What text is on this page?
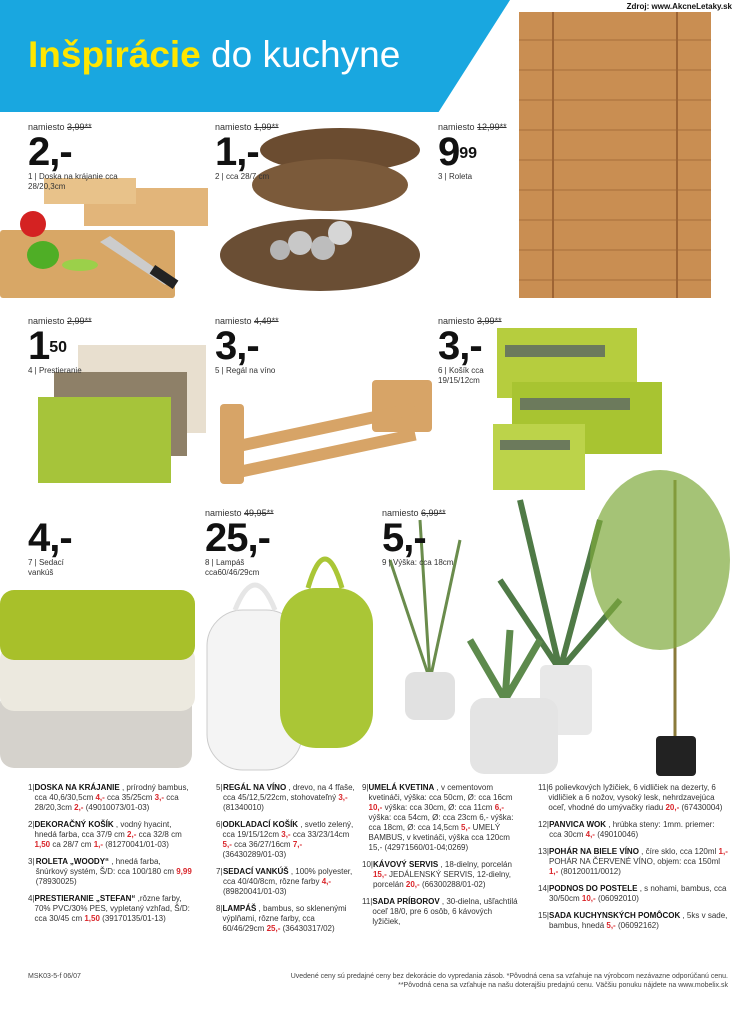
Zdroj: www.AkcneLetaky.sk
Inšpirácie do kuchyne
namiesto 3,99**
2,-
1 | Doska na krájanie cca 28/20,3cm
namiesto 1,99**
1,-
2 | cca 28/7 cm
namiesto 12,99**
$9^{99}$
3 | Roleta
namiesto 2,99**
$1^{50}$
4 | Prestieranie
namiesto 4,49**
3,-
5 | Regál na víno
namiesto 3,99**
3,-
6 | Košík cca 19/15/12cm
4,-
7 | Sedací vankúš
namiesto 49,95**
25,-
8 | Lampáš cca60/46/29cm
namiesto 6,99**
5,-
9 | Výška: cca 18cm
1| DOSKA NA KRÁJANIE , prírodný bambus, cca 40,6/30,5cm 4,- cca 35/25cm 3,- cca 28/20,3cm 2,- (49010073/01-03)
2| DEKORAČNÝ KOŠÍK , vodný hyacint, hnedá farba, cca 37/9 cm 2,- cca 32/8 cm 1,50 ca 28/7 cm 1,- (81270041/01-03)
3| ROLETA „WOODY“ , hnedá farba, šnúrkový systém, Š/D: cca 100/180 cm 9,99 (78930025)
4| PRESTIERANIE „STEFAN“ ,rôzne farby, 70% PVC/30% PES, vypletaný vzhľad, Š/D: cca 30/45 cm 1,50 (39170135/01-13)
5| REGÁL NA VÍNO , drevo, na 4 fľaše, cca 45/12,5/22cm, stohovateľný 3,- (81340010)
6| ODKLADACÍ KOŠÍK , svetlo zelený, cca 19/15/12cm 3,- cca 33/23/14cm 5,- cca 36/27/16cm 7,- (36430289/01-03)
7| SEDACÍ VANKÚŠ , 100% polyester, cca 40/40/8cm, rôzne farby 4,- (89820041/01-03)
8| LAMPÁŠ , bambus, so sklenenými výplňami, rôzne farby, cca 60/46/29cm 25,- (36430317/02)
9| UMELÁ KVETINA , v cementovom kvetináči, výška: cca 50cm, Ø: cca 16cm 10,- výška: cca 30cm, Ø: cca 11cm 6,- výška: cca 54cm, Ø: cca 23cm 6,- výška: cca 18cm, Ø: cca 14,5cm 5,- UMELÝ BAMBUS, v kvetináči, výška cca 120cm 15,- (42971560/01-04;0269)
10| KÁVOVÝ SERVIS , 18-dielny, porcelán 15,- JEDÁLENSKÝ SERVIS, 12-dielny, porcelán 20,- (66300288/01-02)
11| SADA PRÍBOROV , 30-dielna, ušľachtilá oceľ 18/0, pre 6 osôb, 6 kávových lyžičiek,
11| 6 polievkových lyžičiek, 6 vidličiek na dezerty, 6 vidličiek a 6 nožov, vysoký lesk, nehrdzavejúca oceľ, vhodné do umývačky riadu 20,- (67430004)
12| PANVICA WOK , hrúbka steny: 1mm. priemer: cca 30cm 4,- (49010046)
13| POHÁR NA BIELE VÍNO , číre sklo, cca 120ml 1,- POHÁR NA ČERVENÉ VÍNO, objem: cca 150ml 1,- (80120011/0012)
14| PODNOS DO POSTELE , s nohami, bambus, cca 30/50cm 10,- (06092010)
15| SADA KUCHYNSKÝCH POMÔCOK , 5ks v sade, bambus, hnedá 5,- (06092162)
MSK03-5-f 06/07	Uvedené ceny sú predajné ceny bez dekorácie do vypredania zásob. *Pôvodná cena sa vzťahuje na výrobcom nezávazne odporúčanú cenu.
**Pôvodná cena sa vzťahuje na našu doterajšiu predajnú cenu. Väčšiu ponuku nájdete na www.mobelix.sk
